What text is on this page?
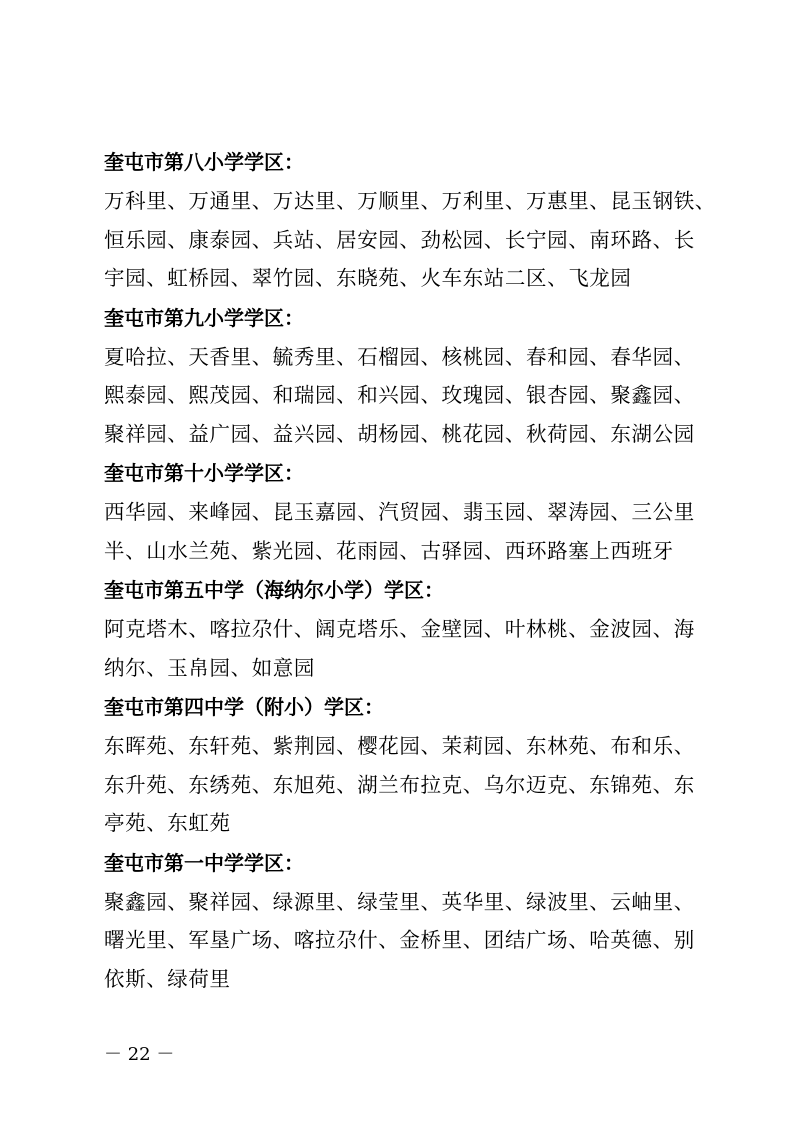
奎屯市第八小学学区：
万科里、万通里、万达里、万顺里、万利里、万惠里、昆玉钢铁、
恒乐园、康泰园、兵站、居安园、劲松园、长宁园、南环路、长
宇园、虹桥园、翠竹园、东晓苑、火车东站二区、飞龙园
奎屯市第九小学学区：
夏哈拉、天香里、毓秀里、石榴园、核桃园、春和园、春华园、
熙泰园、熙茂园、和瑞园、和兴园、玫瑰园、银杏园、聚鑫园、
聚祥园、益广园、益兴园、胡杨园、桃花园、秋荷园、东湖公园
奎屯市第十小学学区：
西华园、来峰园、昆玉嘉园、汽贸园、翡玉园、翠涛园、三公里
半、山水兰苑、紫光园、花雨园、古驿园、西环路塞上西班牙
奎屯市第五中学（海纳尔小学）学区：
阿克塔木、喀拉尕什、阔克塔乐、金壁园、叶林桃、金波园、海
纳尔、玉帛园、如意园
奎屯市第四中学（附小）学区：
东晖苑、东轩苑、紫荆园、樱花园、茉莉园、东林苑、布和乐、
东升苑、东绣苑、东旭苑、湖兰布拉克、乌尔迈克、东锦苑、东
亭苑、东虹苑
奎屯市第一中学学区：
聚鑫园、聚祥园、绿源里、绿莹里、英华里、绿波里、云岫里、
曙光里、军垦广场、喀拉尕什、金桥里、团结广场、哈英德、别
依斯、绿荷里
－ 22 －
